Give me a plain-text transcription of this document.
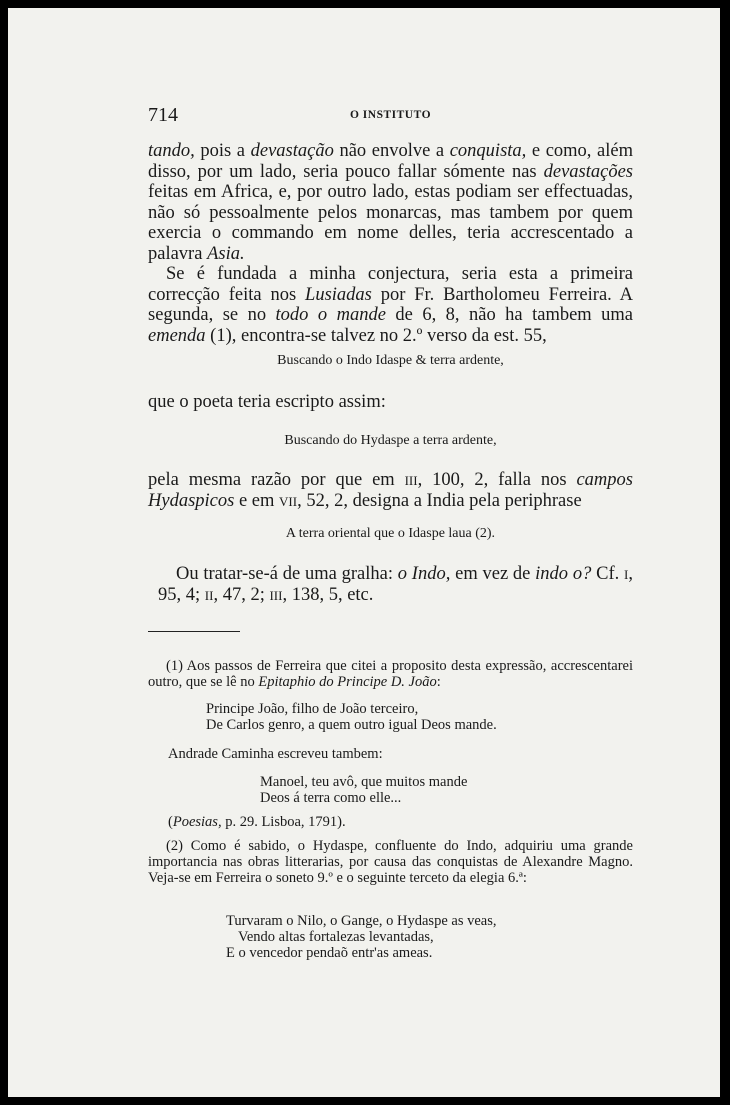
714	O INSTITUTO

tando, pois a devastação não envolve a conquista, e como, além disso, por um lado, seria pouco fallar sómente nas devastações feitas em Africa, e, por outro lado, estas podiam ser effectuadas, não só pessoalmente pelos monarcas, mas tambem por quem exercia o commando em nome delles, teria accrescentado a palavra Asia.

Se é fundada a minha conjectura, seria esta a primeira correcção feita nos Lusiadas por Fr. Bartholomeu Ferreira. A segunda, se no todo o mande de 6, 8, não ha tambem uma emenda (1), encontra-se talvez no 2.º verso da est. 55,

Buscando o Indo Idaspe & terra ardente,

que o poeta teria escripto assim:

Buscando do Hydaspe a terra ardente,

pela mesma razão por que em iii, 100, 2, falla nos campos Hydaspicos e em vii, 52, 2, designa a India pela periphrase

A terra oriental que o Idaspe laua (2).

Ou tratar-se-á de uma gralha: o Indo, em vez de indo o? Cf. i, 95, 4; ii, 47, 2; iii, 138, 5, etc.

(1) Aos passos de Ferreira que citei a proposito desta expressão, accrescentarei outro, que se lê no Epitaphio do Principe D. João:

Principe João, filho de João terceiro,
De Carlos genro, a quem outro igual Deos mande.

Andrade Caminha escreveu tambem:

Manoel, teu avô, que muitos mande
Deos á terra como elle...

(Poesias, p. 29. Lisboa, 1791).

(2) Como é sabido, o Hydaspe, confluente do Indo, adquiriu uma grande importancia nas obras litterarias, por causa das conquistas de Alexandre Magno. Veja-se em Ferreira o soneto 9.º e o seguinte terceto da elegia 6.ª:

Turvaram o Nilo, o Gange, o Hydaspe as veas,
Vendo altas fortalezas levantadas,
E o vencedor pendaõ entr'as ameas.
